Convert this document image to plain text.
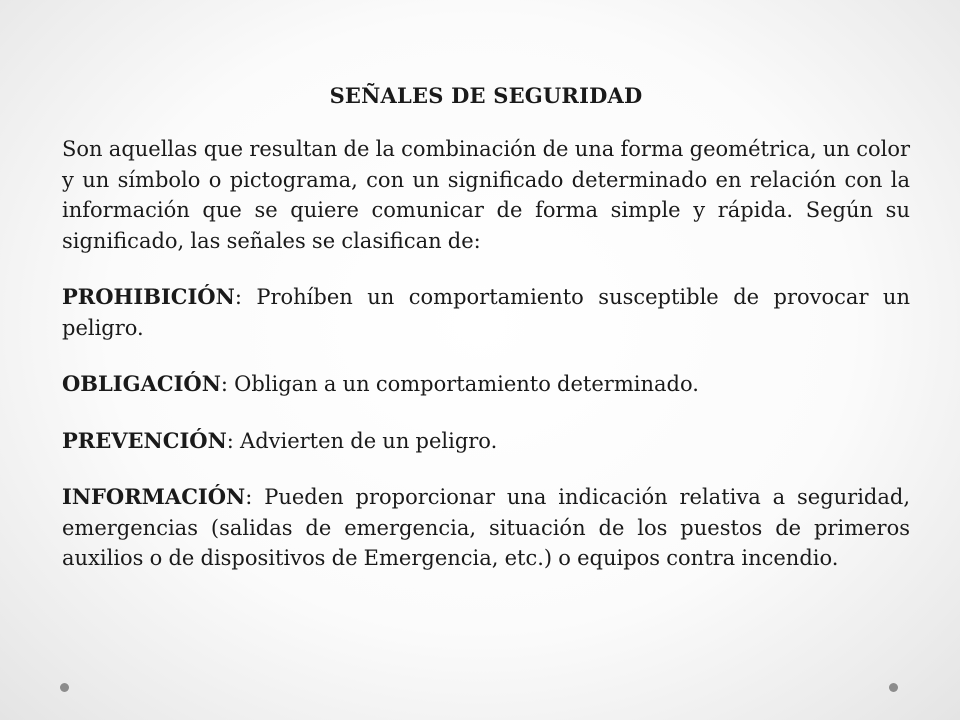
SEÑALES DE SEGURIDAD

Son aquellas que resultan de la combinación de una forma geométrica, un color y un símbolo o pictograma, con un significado determinado en relación con la información que se quiere comunicar de forma simple y rápida. Según su significado, las señales se clasifican de:

PROHIBICIÓN: Prohíben un comportamiento susceptible de provocar un peligro.

OBLIGACIÓN: Obligan a un comportamiento determinado.

PREVENCIÓN: Advierten de un peligro.

INFORMACIÓN: Pueden proporcionar una indicación relativa a seguridad, emergencias (salidas de emergencia, situación de los puestos de primeros auxilios o de dispositivos de Emergencia, etc.) o equipos contra incendio.
